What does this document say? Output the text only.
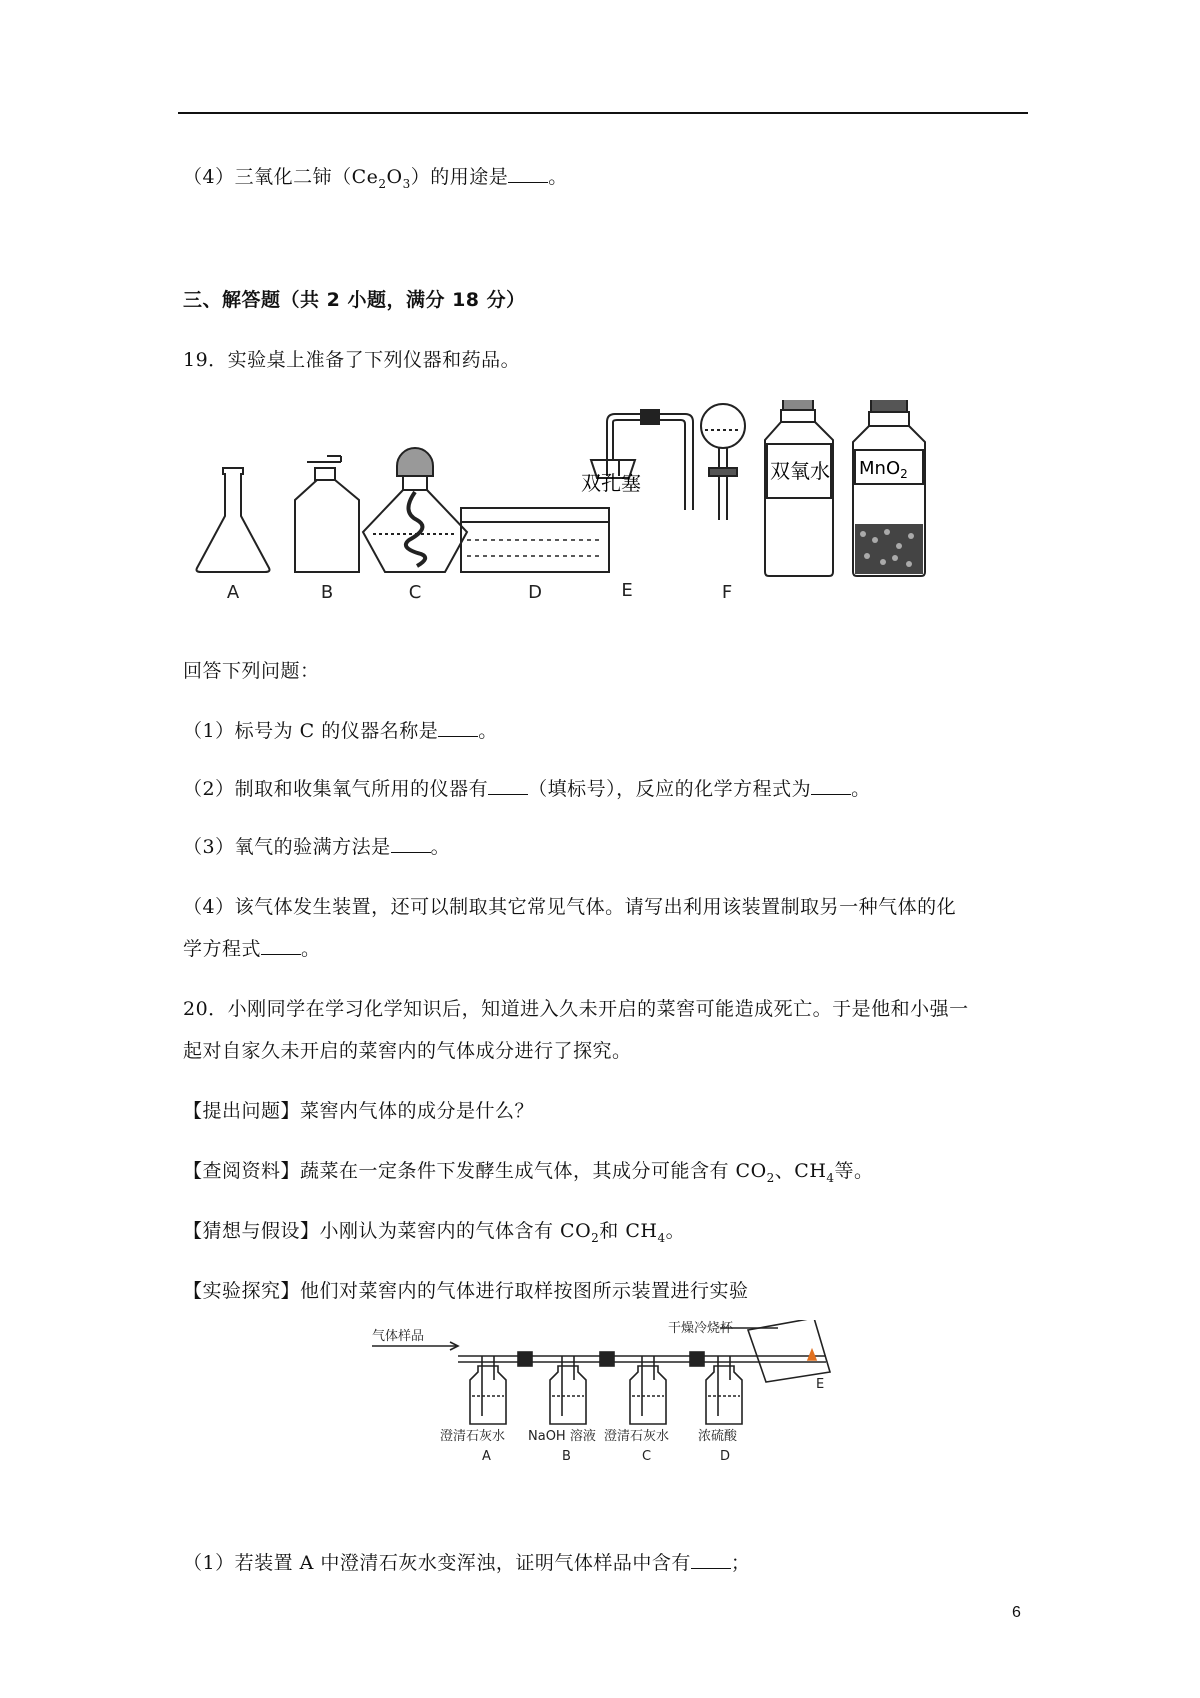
（4）三氧化二铈$(Ce_2O_3)$的用途是 。
三、解答题（共 2 小题，满分 18 分）
19．实验桌上准备了下列仪器和药品。
双孔塞	双氧水 MnO$_2$
A	B	C	D	E	F
回答下列问题：
（1）标号为 C 的仪器名称是 。
（2）制取和收集氧气所用的仪器有 （填标号），反应的化学方程式为 。
（3）氧气的验满方法是 。
（4）该气体发生装置，还可以制取其它常见气体。请写出利用该装置制取另一种气体的化
学方程式 。
20．小刚同学在学习化学知识后，知道进入久未开启的菜窖可能造成死亡。于是他和小强一
起对自家久未开启的菜窖内的气体成分进行了探究。
【提出问题】菜窖内气体的成分是什么？
【查阅资料】蔬菜在一定条件下发酵生成气体，其成分可能含有 $CO_2$、$CH_4$等。
【猜想与假设】小刚认为菜窖内的气体含有 $CO_2$和 $CH_4$。
【实验探究】他们对菜窖内的气体进行取样按图所示装置进行实验
气体样品
干燥冷烧杯
E
澄清石灰水 NaOH 溶液 澄清石灰水 浓硫酸
A	B	C	D
（1）若装置 A 中澄清石灰水变浑浊，证明气体样品中含有 ；
6
